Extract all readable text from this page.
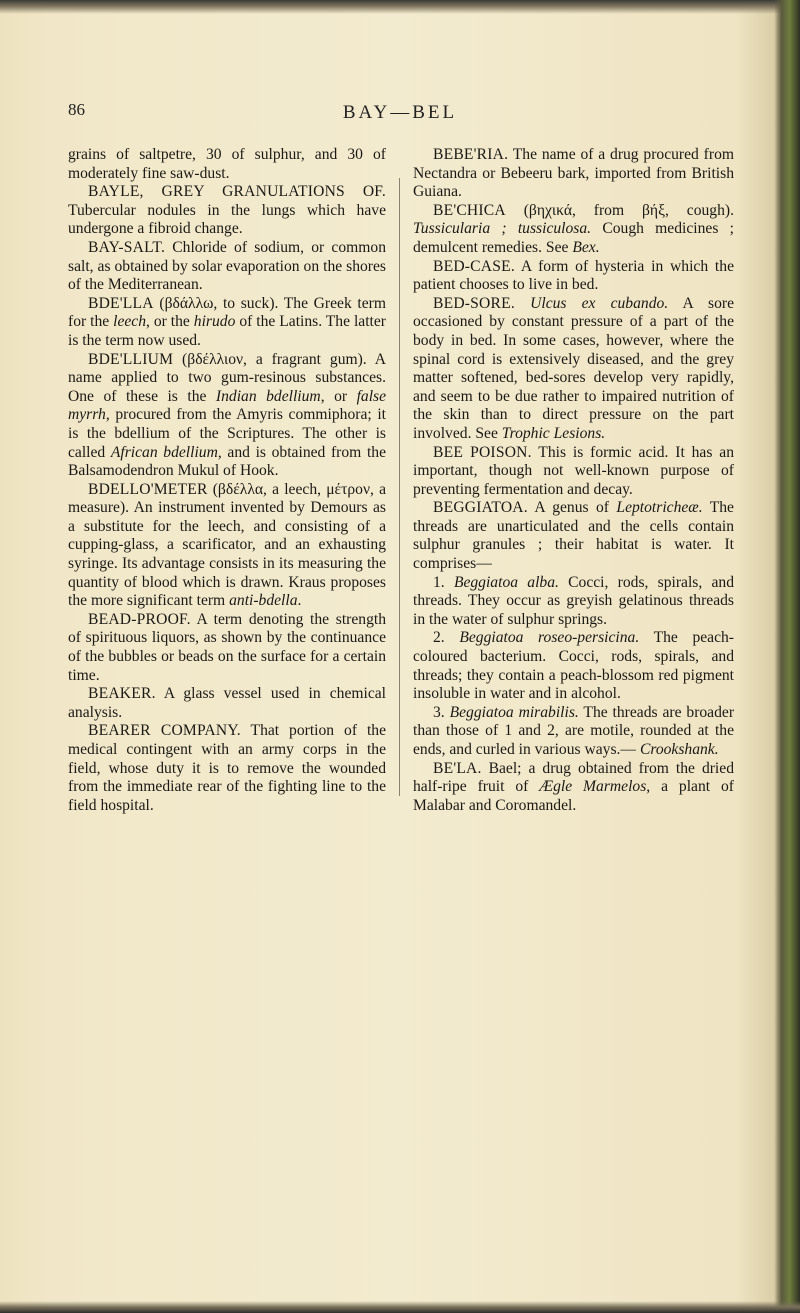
86	BAY—BEL

grains of saltpetre, 30 of sulphur, and 30 of moderately fine saw-dust.

BAYLE, GREY GRANULATIONS OF. Tubercular nodules in the lungs which have undergone a fibroid change.

BAY-SALT. Chloride of sodium, or common salt, as obtained by solar evaporation on the shores of the Mediterranean.

BDE'LLA (βδάλλω, to suck). The Greek term for the leech, or the hirudo of the Latins. The latter is the term now used.

BDE'LLIUM (βδέλλιον, a fragrant gum). A name applied to two gum-resinous substances. One of these is the Indian bdellium, or false myrrh, procured from the Amyris commiphora; it is the bdellium of the Scriptures. The other is called African bdellium, and is obtained from the Balsamodendron Mukul of Hook.

BDELLO'METER (βδέλλα, a leech, μέτρον, a measure). An instrument invented by Demours as a substitute for the leech, and consisting of a cupping-glass, a scarificator, and an exhausting syringe. Its advantage consists in its measuring the quantity of blood which is drawn. Kraus proposes the more significant term anti-bdella.

BEAD-PROOF. A term denoting the strength of spirituous liquors, as shown by the continuance of the bubbles or beads on the surface for a certain time.

BEAKER. A glass vessel used in chemical analysis.

BEARER COMPANY. That portion of the medical contingent with an army corps in the field, whose duty it is to remove the wounded from the immediate rear of the fighting line to the field hospital.

BEBE'RIA. The name of a drug procured from Nectandra or Bebeeru bark, imported from British Guiana.

BE'CHICA (βηχικά, from βήξ, cough). Tussicularia ; tussiculosa. Cough medicines ; demulcent remedies. See Bex.

BED-CASE. A form of hysteria in which the patient chooses to live in bed.

BED-SORE. Ulcus ex cubando. A sore occasioned by constant pressure of a part of the body in bed. In some cases, however, where the spinal cord is extensively diseased, and the grey matter softened, bed-sores develop very rapidly, and seem to be due rather to impaired nutrition of the skin than to direct pressure on the part involved. See Trophic Lesions.

BEE POISON. This is formic acid. It has an important, though not well-known purpose of preventing fermentation and decay.

BEGGIATOA. A genus of Leptotricheæ. The threads are unarticulated and the cells contain sulphur granules ; their habitat is water. It comprises—

1. Beggiatoa alba. Cocci, rods, spirals, and threads. They occur as greyish gelatinous threads in the water of sulphur springs.

2. Beggiatoa roseo-persicina. The peach-coloured bacterium. Cocci, rods, spirals, and threads; they contain a peach-blossom red pigment insoluble in water and in alcohol.

3. Beggiatoa mirabilis. The threads are broader than those of 1 and 2, are motile, rounded at the ends, and curled in various ways.— Crookshank.

BE'LA. Bael; a drug obtained from the dried half-ripe fruit of Ægle Marmelos, a plant of Malabar and Coromandel.
